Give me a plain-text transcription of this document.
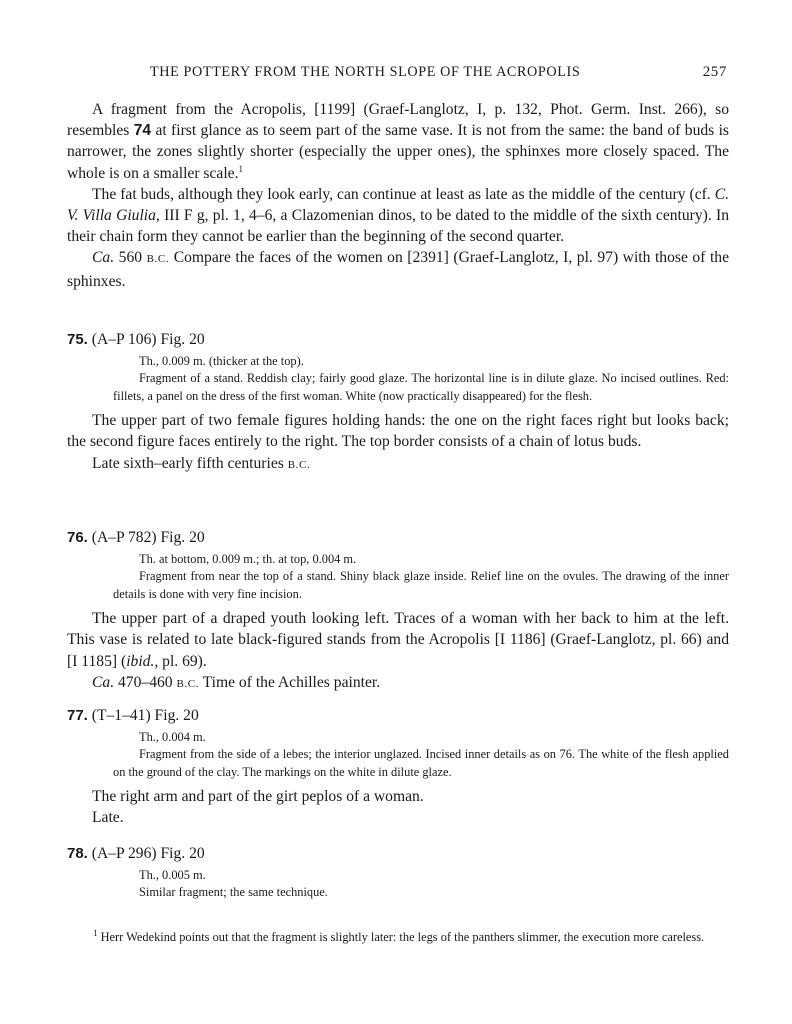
THE POTTERY FROM THE NORTH SLOPE OF THE ACROPOLIS	257

A fragment from the Acropolis, [1199] (Graef-Langlotz, I, p. 132, Phot. Germ. Inst. 266), so resembles 74 at first glance as to seem part of the same vase. It is not from the same: the band of buds is narrower, the zones slightly shorter (especially the upper ones), the sphinxes more closely spaced. The whole is on a smaller scale.$^1$

The fat buds, although they look early, can continue at least as late as the middle of the century (cf. C. V. Villa Giulia, III F g, pl. 1, 4–6, a Clazomenian dinos, to be dated to the middle of the sixth century). In their chain form they cannot be earlier than the beginning of the second quarter.

Ca. 560 B.C. Compare the faces of the women on [2391] (Graef-Langlotz, I, pl. 97) with those of the sphinxes.

75. (A–P 106) Fig. 20

Th., 0.009 m. (thicker at the top).

Fragment of a stand. Reddish clay; fairly good glaze. The horizontal line is in dilute glaze. No incised outlines. Red: fillets, a panel on the dress of the first woman. White (now practically disappeared) for the flesh.

The upper part of two female figures holding hands: the one on the right faces right but looks back; the second figure faces entirely to the right. The top border consists of a chain of lotus buds.

Late sixth–early fifth centuries B.C.

76. (A–P 782) Fig. 20

Th. at bottom, 0.009 m.; th. at top, 0.004 m.

Fragment from near the top of a stand. Shiny black glaze inside. Relief line on the ovules. The drawing of the inner details is done with very fine incision.

The upper part of a draped youth looking left. Traces of a woman with her back to him at the left. This vase is related to late black-figured stands from the Acropolis [I 1186] (Graef-Langlotz, pl. 66) and [I 1185] (ibid., pl. 69).

Ca. 470–460 B.C. Time of the Achilles painter.

77. (T–1–41) Fig. 20

Th., 0.004 m.

Fragment from the side of a lebes; the interior unglazed. Incised inner details as on 76. The white of the flesh applied on the ground of the clay. The markings on the white in dilute glaze.

The right arm and part of the girt peplos of a woman.

Late.

78. (A–P 296) Fig. 20

Th., 0.005 m.

Similar fragment; the same technique.

$^1$ Herr Wedekind points out that the fragment is slightly later: the legs of the panthers slimmer, the execution more careless.
